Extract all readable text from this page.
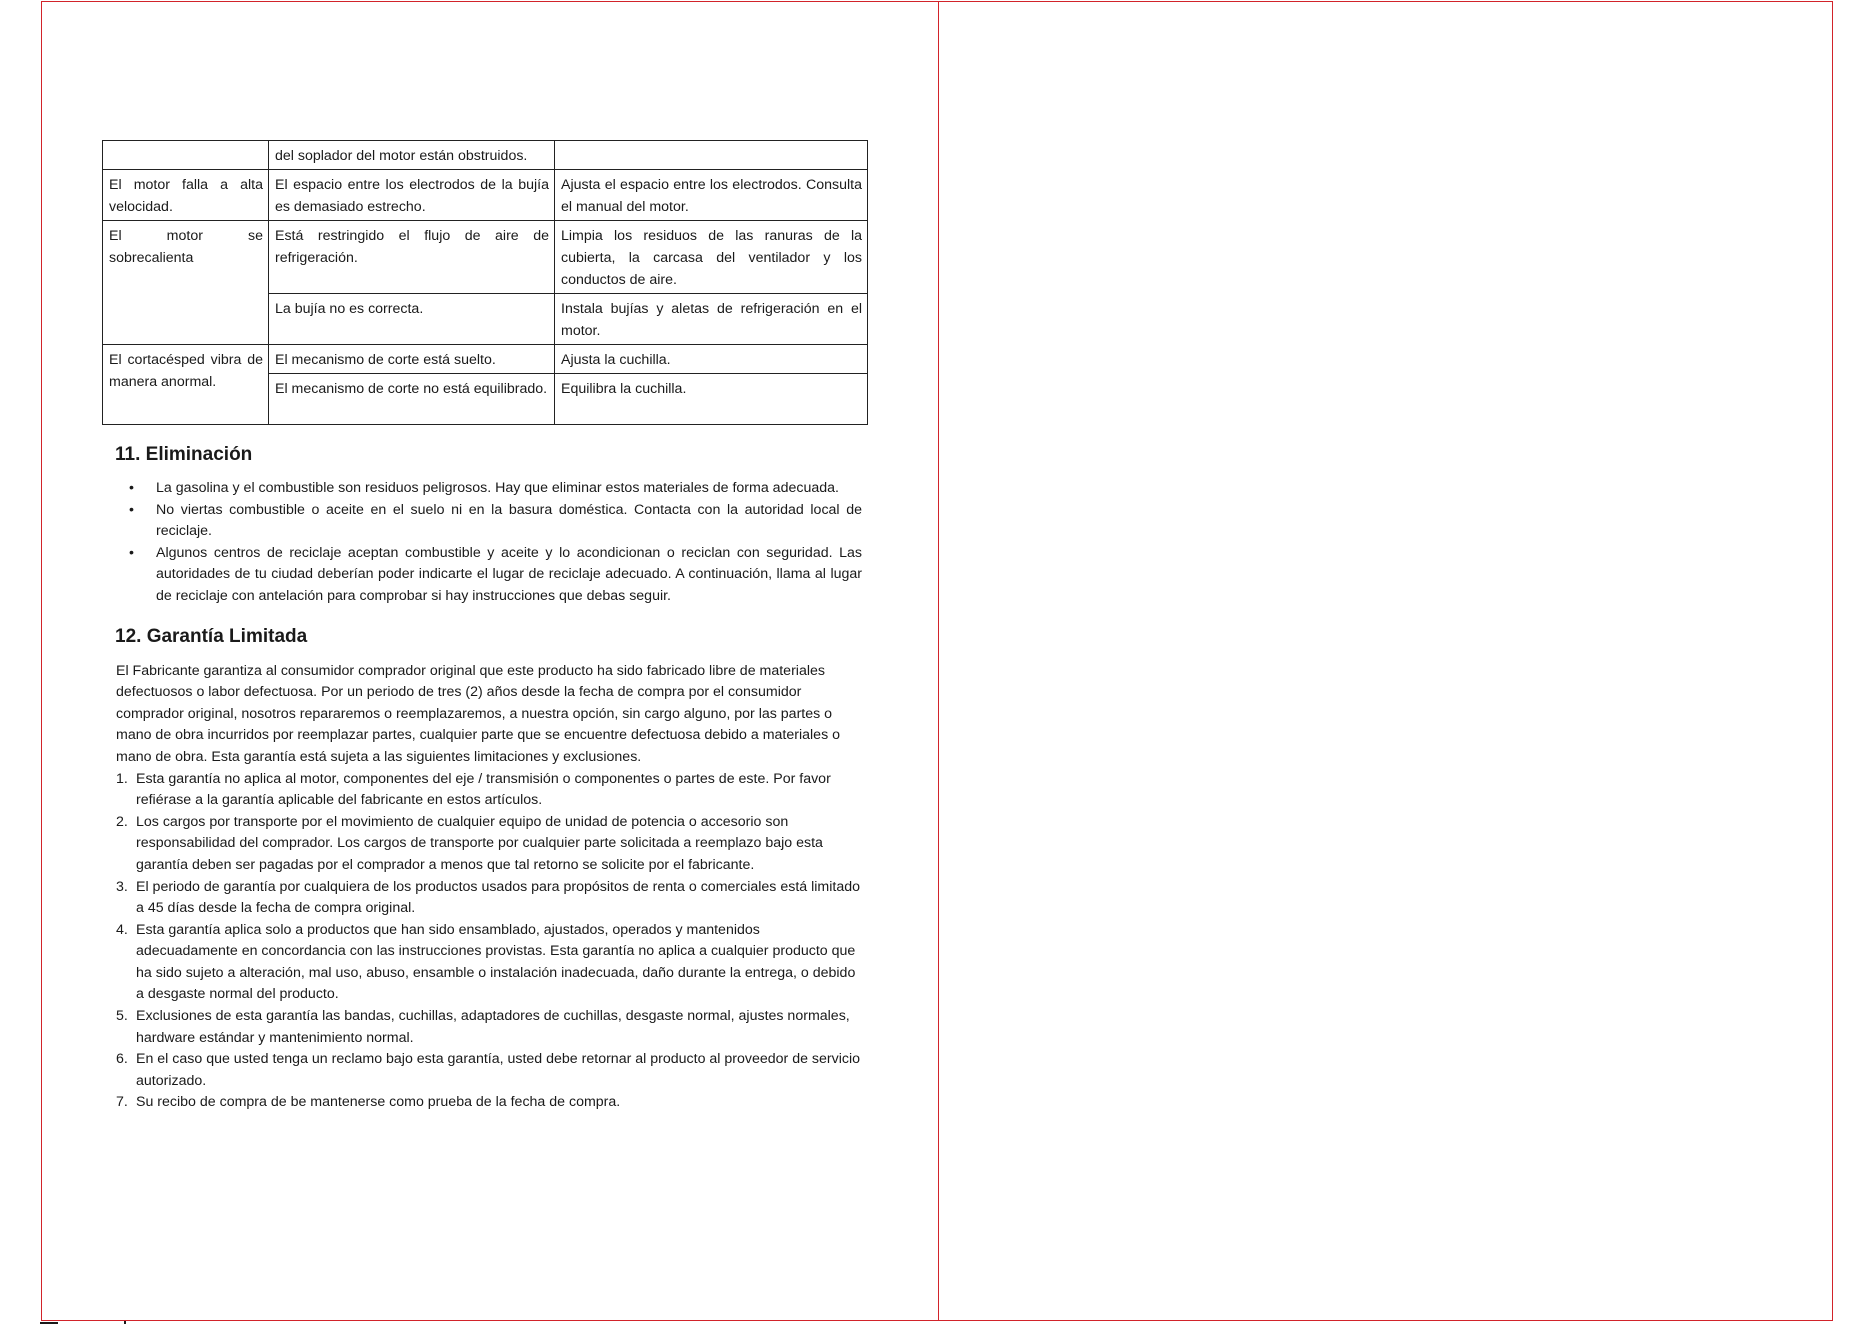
	del soplador del motor están obstruidos.	
El motor falla a alta velocidad.	El espacio entre los electrodos de la bujía es demasiado estrecho.	Ajusta el espacio entre los electrodos. Consulta el manual del motor.
El motor se sobrecalienta	Está restringido el flujo de aire de refrigeración.	Limpia los residuos de las ranuras de la cubierta, la carcasa del ventilador y los conductos de aire.
	La bujía no es correcta.	Instala bujías y aletas de refrigeración en el motor.
El cortacésped vibra de manera anormal.	El mecanismo de corte está suelto.	Ajusta la cuchilla.
	El mecanismo de corte no está equilibrado.	Equilibra la cuchilla.
11. Eliminación
• La gasolina y el combustible son residuos peligrosos. Hay que eliminar estos materiales de forma adecuada.
• No viertas combustible o aceite en el suelo ni en la basura doméstica. Contacta con la autoridad local de reciclaje.
• Algunos centros de reciclaje aceptan combustible y aceite y lo acondicionan o reciclan con seguridad. Las autoridades de tu ciudad deberían poder indicarte el lugar de reciclaje adecuado. A continuación, llama al lugar de reciclaje con antelación para comprobar si hay instrucciones que debas seguir.
12. Garantía Limitada

El Fabricante garantiza al consumidor comprador original que este producto ha sido fabricado libre de materiales defectuosos o labor defectuosa. Por un periodo de tres (2) años desde la fecha de compra por el consumidor comprador original, nosotros repararemos o reemplazaremos, a nuestra opción, sin cargo alguno, por las partes o mano de obra incurridos por reemplazar partes, cualquier parte que se encuentre defectuosa debido a materiales o mano de obra. Esta garantía está sujeta a las siguientes limitaciones y exclusiones.

1. Esta garantía no aplica al motor, componentes del eje / transmisión o componentes o partes de este. Por favor refiérase a la garantía aplicable del fabricante en estos artículos.
2. Los cargos por transporte por el movimiento de cualquier equipo de unidad de potencia o accesorio son responsabilidad del comprador. Los cargos de transporte por cualquier parte solicitada a reemplazo bajo esta garantía deben ser pagadas por el comprador a menos que tal retorno se solicite por el fabricante.
3. El periodo de garantía por cualquiera de los productos usados para propósitos de renta o comerciales está limitado a 45 días desde la fecha de compra original.
4. Esta garantía aplica solo a productos que han sido ensamblado, ajustados, operados y mantenidos adecuadamente en concordancia con las instrucciones provistas. Esta garantía no aplica a cualquier producto que ha sido sujeto a alteración, mal uso, abuso, ensamble o instalación inadecuada, daño durante la entrega, o debido a desgaste normal del producto.
5. Exclusiones de esta garantía las bandas, cuchillas, adaptadores de cuchillas, desgaste normal, ajustes normales, hardware estándar y mantenimiento normal.
6. En el caso que usted tenga un reclamo bajo esta garantía, usted debe retornar al producto al proveedor de servicio autorizado.
7. Su recibo de compra de be mantenerse como prueba de la fecha de compra.
